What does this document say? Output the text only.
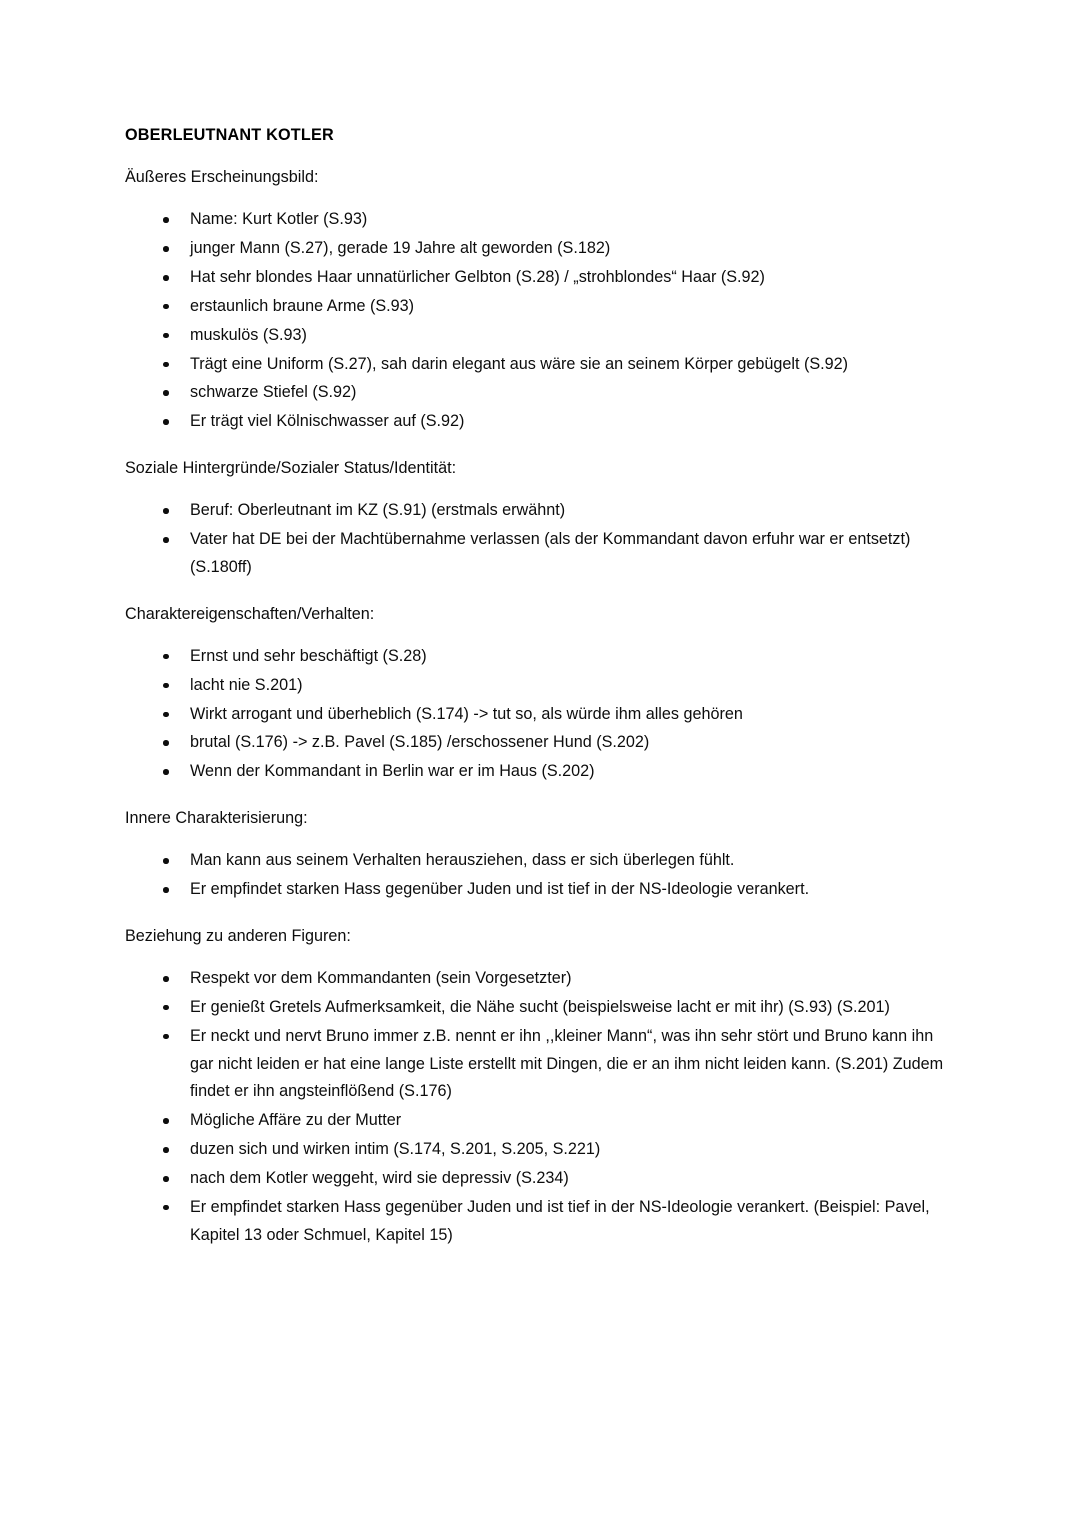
OBERLEUTNANT KOTLER

Äußeres Erscheinungsbild:

Name: Kurt Kotler (S.93)
junger Mann (S.27), gerade 19 Jahre alt geworden (S.182)
Hat sehr blondes Haar unnatürlicher Gelbton (S.28) / „strohblondes“ Haar (S.92)
erstaunlich braune Arme (S.93)
muskulös (S.93)
Trägt eine Uniform (S.27), sah darin elegant aus wäre sie an seinem Körper gebügelt (S.92)
schwarze Stiefel (S.92)
Er trägt viel Kölnischwasser auf (S.92)

Soziale Hintergründe/Sozialer Status/Identität:

Beruf: Oberleutnant im KZ (S.91) (erstmals erwähnt)
Vater hat DE bei der Machtübernahme verlassen (als der Kommandant davon erfuhr war er entsetzt) (S.180ff)

Charaktereigenschaften/Verhalten:

Ernst und sehr beschäftigt (S.28)
lacht nie S.201)
Wirkt arrogant und überheblich (S.174) -> tut so, als würde ihm alles gehören
brutal (S.176) -> z.B. Pavel (S.185) /erschossener Hund (S.202)
Wenn der Kommandant in Berlin war er im Haus (S.202)

Innere Charakterisierung:

Man kann aus seinem Verhalten herausziehen, dass er sich überlegen fühlt.
Er empfindet starken Hass gegenüber Juden und ist tief in der NS-Ideologie verankert.

Beziehung zu anderen Figuren:

Respekt vor dem Kommandanten (sein Vorgesetzter)
Er genießt Gretels Aufmerksamkeit, die Nähe sucht (beispielsweise lacht er mit ihr) (S.93) (S.201)
Er neckt und nervt Bruno immer z.B. nennt er ihn ,,kleiner Mann“, was ihn sehr stört und Bruno kann ihn gar nicht leiden er hat eine lange Liste erstellt mit Dingen, die er an ihm nicht leiden kann. (S.201) Zudem findet er ihn angsteinflößend (S.176)
Mögliche Affäre zu der Mutter
duzen sich und wirken intim (S.174, S.201, S.205, S.221)
nach dem Kotler weggeht, wird sie depressiv (S.234)
Er empfindet starken Hass gegenüber Juden und ist tief in der NS-Ideologie verankert. (Beispiel: Pavel, Kapitel 13 oder Schmuel, Kapitel 15)
